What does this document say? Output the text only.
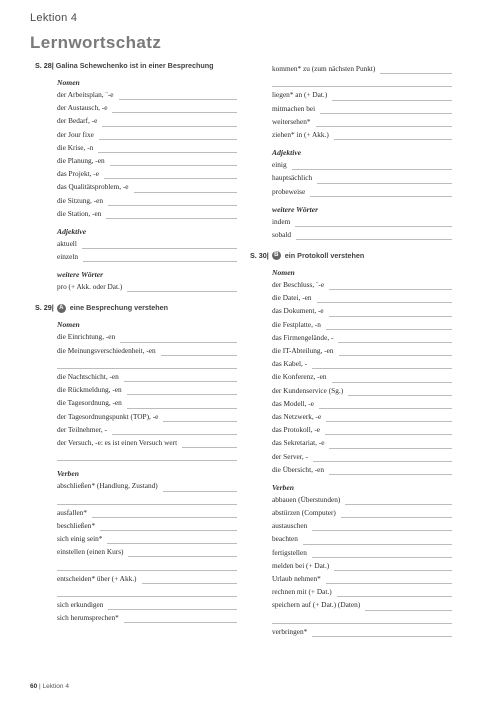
Lektion 4
Lernwortschatz
S. 28| Galina Schewchenko ist in einer Besprechung
Nomen
der Arbeitsplan, ¨-e
der Austausch, -e
der Bedarf, -e
der Jour fixe
die Krise, -n
die Planung, -en
das Projekt, -e
das Qualitätsproblem, -e
die Sitzung, -en
die Station, -en
Adjektive
aktuell
einzeln
weitere Wörter
pro (+ Akk. oder Dat.)
S. 29| A eine Besprechung verstehen
Nomen
die Einrichtung, -en
die Meinungsverschiedenheit, -en
die Nachtschicht, -en
die Rückmeldung, -en
die Tagesordnung, -en
der Tagesordnungspunkt (TOP), -e
der Teilnehmer, -
der Versuch, -e: es ist einen Versuch wert
Verben
abschließen* (Handlung, Zustand)
ausfallen*
beschließen*
sich einig sein*
einstellen (einen Kurs)
entscheiden* über (+ Akk.)
sich erkundigen
sich herumsprechen*
kommen* zu (zum nächsten Punkt)
liegen* an (+ Dat.)
mitmachen bei
weitersehen*
ziehen* in (+ Akk.)
Adjektive
einig
hauptsächlich
probeweise
weitere Wörter
indem
sobald
S. 30| B ein Protokoll verstehen
Nomen
der Beschluss, ¨-e
die Datei, -en
das Dokument, -e
die Festplatte, -n
das Firmengelände, -
die IT-Abteilung, -en
das Kabel, -
die Konferenz, -en
der Kundenservice (Sg.)
das Modell, -e
das Netzwerk, -e
das Protokoll, -e
das Sekretariat, -e
der Server, -
die Übersicht, -en
Verben
abbauen (Überstunden)
abstürzen (Computer)
austauschen
beachten
fertigstellen
melden bei (+ Dat.)
Urlaub nehmen*
rechnen mit (+ Dat.)
speichern auf (+ Dat.) (Daten)
verbringen*
60 | Lektion 4
